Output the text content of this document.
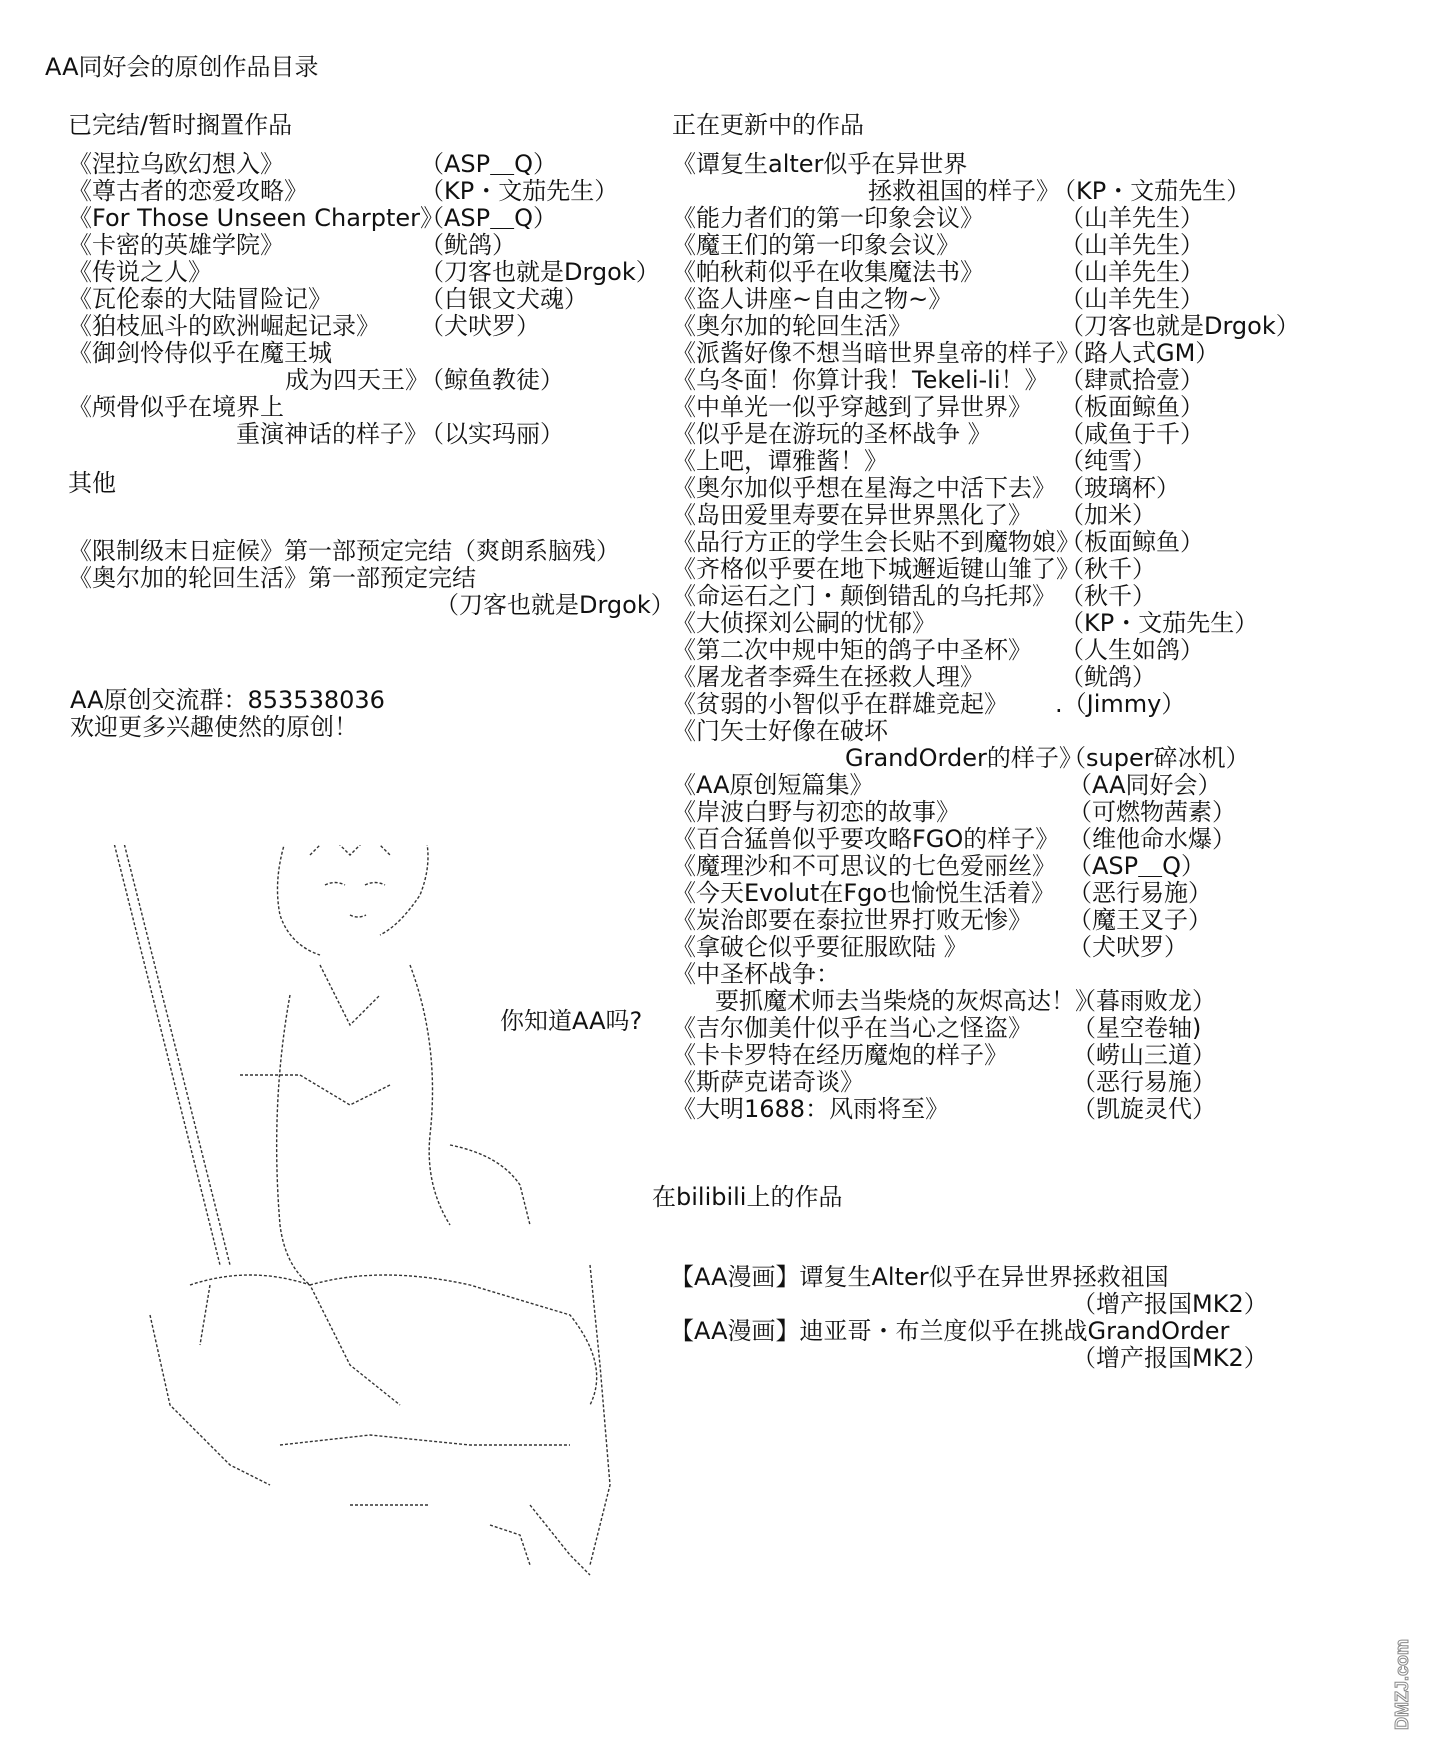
AA同好会的原创作品目录
已完结/暂时搁置作品
《涅拉乌欧幻想入》	（ASP＿Q）
《尊古者的恋爱攻略》	（KP・文茄先生）
《For Those Unseen Charpter》
（ASP＿Q）
《卡密的英雄学院》	（鱿鸽）
《传说之人》	（刀客也就是Drgok）
《瓦伦泰的大陆冒险记》	（白银文犬魂）
《狛枝凪斗的欧洲崛起记录》 （犬吠罗）
《御剑怜侍似乎在魔王城
成为四天王》
（鲸鱼教徒）
《颅骨似乎在境界上
重演神话的样子》
（以实玛丽）
其他
《限制级末日症候》第一部预定完结（爽朗系脑残）
《奥尔加的轮回生活》第一部预定完结
（刀客也就是Drgok）
AA原创交流群：853538036
欢迎更多兴趣使然的原创！
你知道AA吗?
正在更新中的作品
《谭复生alter似乎在异世界
拯救祖国的样子》
（KP・文茄先生）
《能力者们的第一印象会议》	（山羊先生）
《魔王们的第一印象会议》	（山羊先生）
《帕秋莉似乎在收集魔法书》	（山羊先生）
《盗人讲座~自由之物~》	（山羊先生）
《奥尔加的轮回生活》	（刀客也就是Drgok）
《派酱好像不想当暗世界皇帝的样子》
（路人式GM）
《乌冬面！你算计我！Tekeli-li！》 （肆贰拾壹）
《中单光一似乎穿越到了异世界》 （板面鲸鱼）
《似乎是在游玩的圣杯战争 》	（咸鱼于千）
《上吧，谭雅酱！》	（纯雪）
《奥尔加似乎想在星海之中活下去》 （玻璃杯）
《岛田爱里寿要在异世界黑化了》 （加米）
《品行方正的学生会长贴不到魔物娘》
（板面鲸鱼）
《齐格似乎要在地下城邂逅键山雏了》
（秋千）
《命运石之门・颠倒错乱的乌托邦》 （秋千）
《大侦探刘公嗣的忧郁》	（KP・文茄先生）
《第二次中规中矩的鸽子中圣杯》 （人生如鸽）
《屠龙者李舜生在拯救人理》	（鱿鸽）
《贫弱的小智似乎在群雄竞起》 .（Jimmy）
《门矢士好像在破坏
GrandOrder的样子》
（super碎冰机）
《AA原创短篇集》	（AA同好会）
《岸波白野与初恋的故事》	（可燃物茜素）
《百合猛兽似乎要攻略FGO的样子》 （维他命水爆）
《魔理沙和不可思议的七色爱丽丝》 （ASP＿Q）
《今天Evolut在Fgo也愉悦生活着》 （恶行易施）
《炭治郎要在泰拉世界打败无惨》 （魔王叉子）
《拿破仑似乎要征服欧陆 》	（犬吠罗）
《中圣杯战争：
要抓魔术师去当柴烧的灰烬高达！》
（暮雨败龙）
《吉尔伽美什似乎在当心之怪盗》 （星空卷轴)
《卡卡罗特在经历魔炮的样子》	（崂山三道）
《斯萨克诺奇谈》	（恶行易施）
《大明1688：风雨将至》	（凯旋灵代）
在bilibili上的作品
【AA漫画】谭复生Alter似乎在异世界拯救祖国
（增产报国MK2）
【AA漫画】迪亚哥・布兰度似乎在挑战GrandOrder
（增产报国MK2）
DMZJ.com
